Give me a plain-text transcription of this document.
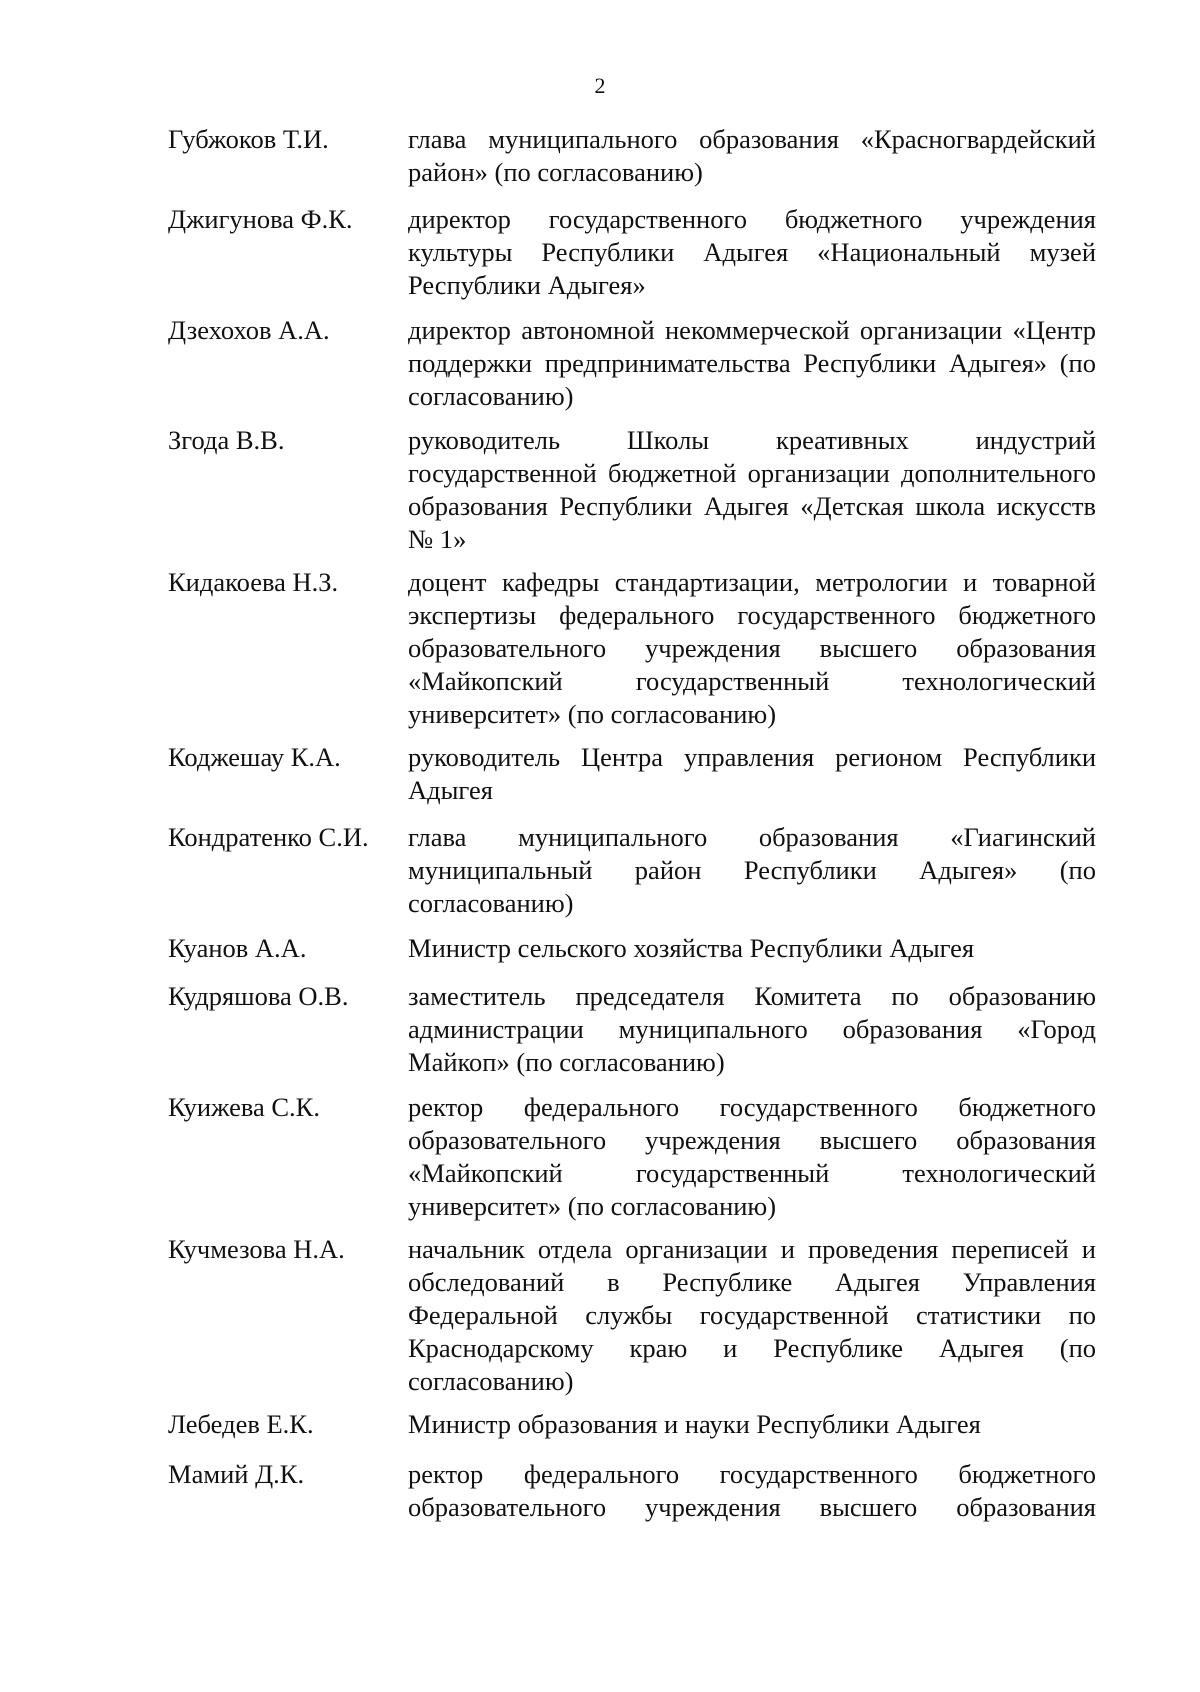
2
Губжоков Т.И.	глава муниципального образования «Красногвардейский район» (по согласованию)
Джигунова Ф.К. директор государственного бюджетного учреждения культуры Республики Адыгея «Национальный музей Республики Адыгея»
Дзехохов А.А.	директор автономной некоммерческой организации «Центр поддержки предпринимательства Республики Адыгея» (по согласованию)
Згода В.В.	руководитель Школы креативных индустрий государственной бюджетной организации дополнительного образования Республики Адыгея «Детская школа искусств № 1»
Кидакоева Н.З.	доцент кафедры стандартизации, метрологии и товарной экспертизы федерального государственного бюджетного образовательного учреждения высшего образования «Майкопский государственный технологический университет» (по согласованию)
Коджешау К.А.	руководитель Центра управления регионом Республики Адыгея
Кондратенко С.И. глава муниципального образования «Гиагинский муниципальный район Республики Адыгея» (по согласованию)
Куанов А.А.	Министр сельского хозяйства Республики Адыгея
Кудряшова О.В. заместитель председателя Комитета по образованию администрации муниципального образования «Город Майкоп» (по согласованию)
Куижева С.К.	ректор федерального государственного бюджетного образовательного учреждения высшего образования «Майкопский государственный технологический университет» (по согласованию)
Кучмезова Н.А. начальник отдела организации и проведения переписей и обследований в Республике Адыгея Управления Федеральной службы государственной статистики по Краснодарскому краю и Республике Адыгея (по согласованию)
Лебедев Е.К.	Министр образования и науки Республики Адыгея
Мамий Д.К.	ректор федерального государственного бюджетного образовательного учреждения высшего образования
